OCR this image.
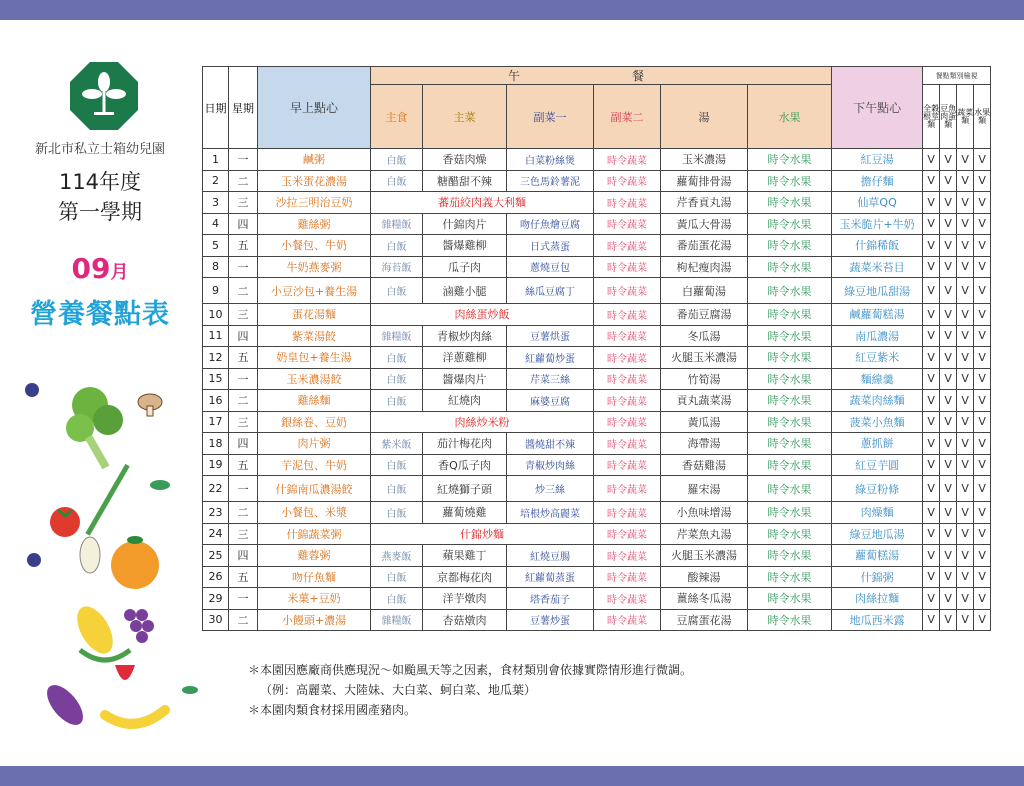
新北市私立士箱幼兒園
114年度
第一學期
09月
營養餐點表
日期	星期	早上點心	午　餐						下午點心	餐點類別檢視			
			主食	主菜	副菜一	副菜二	湯	水果		全穀根莖類	豆魚肉蛋類	蔬菜類	水果類
1	一	鹹粥	白飯	香菇肉燥	白菜粉絲煲	時令蔬菜	玉米濃湯	時令水果	紅豆湯	V	V	V	V
2	二	玉米蛋花濃湯	白飯	糖醋甜不辣	三色馬鈴薯泥	時令蔬菜	蘿蔔排骨湯	時令水果	擔仔麵	V	V	V	V
3	三	沙拉三明治豆奶	蕃茄絞肉義大利麵			時令蔬菜	芹香貢丸湯	時令水果	仙草QQ	V	V	V	V
4	四	雞絲粥	雜糧飯	什錦肉片	吻仔魚燴豆腐	時令蔬菜	黃瓜大骨湯	時令水果	玉米脆片+牛奶	V	V	V	V
5	五	小餐包、牛奶	白飯	醬爆雞柳	日式蒸蛋	時令蔬菜	番茄蛋花湯	時令水果	什錦稀飯	V	V	V	V
8	一	牛奶燕麥粥	海苔飯	瓜子肉	蔥燒豆包	時令蔬菜	枸杞瘦肉湯	時令水果	蔬菜米苔目	V	V	V	V
9	二	小豆沙包+養生湯	白飯	滷雞小腿	絲瓜豆腐丁	時令蔬菜	白蘿蔔湯	時令水果	綠豆地瓜甜湯	V	V	V	V
10	三	蛋花湯麵	肉絲蛋炒飯			時令蔬菜	番茄豆腐湯	時令水果	鹹蘿蔔糕湯	V	V	V	V
11	四	紫菜湯餃	雜糧飯	青椒炒肉絲	豆薯烘蛋	時令蔬菜	冬瓜湯	時令水果	南瓜濃湯	V	V	V	V
12	五	奶皇包+養生湯	白飯	洋蔥雞柳	紅蘿蔔炒蛋	時令蔬菜	火腿玉米濃湯	時令水果	紅豆紫米	V	V	V	V
15	一	玉米濃湯餃	白飯	醬爆肉片	芹菜三絲	時令蔬菜	竹筍湯	時令水果	麵線羹	V	V	V	V
16	二	雞絲麵	白飯	紅燒肉	麻婆豆腐	時令蔬菜	貢丸蔬菜湯	時令水果	蔬菜肉絲麵	V	V	V	V
17	三	銀絲卷、豆奶	肉絲炒米粉			時令蔬菜	黃瓜湯	時令水果	菠菜小魚麵	V	V	V	V
18	四	肉片粥	紫米飯	茄汁梅花肉	醬燒甜不辣	時令蔬菜	海帶湯	時令水果	蔥抓餅	V	V	V	V
19	五	芋泥包、牛奶	白飯	香Q瓜子肉	青椒炒肉絲	時令蔬菜	香菇雞湯	時令水果	紅豆芋圓	V	V	V	V
22	一	什錦南瓜濃湯餃	白飯	紅燒獅子頭	炒三絲	時令蔬菜	羅宋湯	時令水果	綠豆粉條	V	V	V	V
23	二	小餐包、米漿	白飯	蘿蔔燒雞	培根炒高麗菜	時令蔬菜	小魚味增湯	時令水果	肉燥麵	V	V	V	V
24	三	什錦蔬菜粥	什錦炒麵			時令蔬菜	芹菜魚丸湯	時令水果	綠豆地瓜湯	V	V	V	V
25	四	雞蓉粥	燕麥飯	蘋果雞丁	紅燒豆腸	時令蔬菜	火腿玉米濃湯	時令水果	蘿蔔糕湯	V	V	V	V
26	五	吻仔魚麵	白飯	京都梅花肉	紅蘿蔔蒸蛋	時令蔬菜	酸辣湯	時令水果	什錦粥	V	V	V	V
29	一	米菓+豆奶	白飯	洋芋燉肉	塔香茄子	時令蔬菜	薑絲冬瓜湯	時令水果	肉絲拉麵	V	V	V	V
30	二	小饅頭+濃湯	雜糧飯	杏菇燉肉	豆薯炒蛋	時令蔬菜	豆腐蛋花湯	時令水果	地瓜西米露	V	V	V	V
＊本園因應廠商供應現況～如颱風天等之因素，食材類別會依據實際情形進行微調。
（例：高麗菜、大陸妹、大白菜、蚵白菜、地瓜葉）
＊本園肉類食材採用國產豬肉。
